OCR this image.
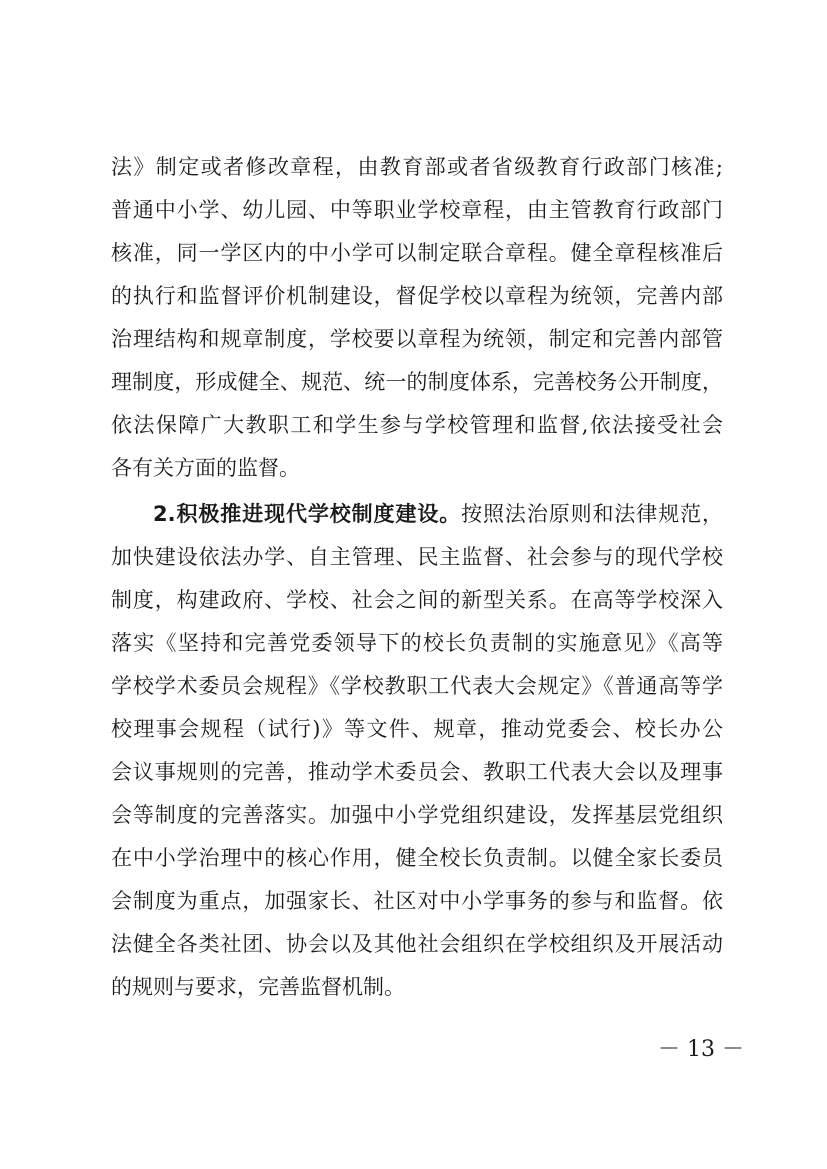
法》制定或者修改章程，由教育部或者省级教育行政部门核准;
普通中小学、幼儿园、中等职业学校章程，由主管教育行政部门
核准，同一学区内的中小学可以制定联合章程。健全章程核准后
的执行和监督评价机制建设，督促学校以章程为统领，完善内部
治理结构和规章制度，学校要以章程为统领，制定和完善内部管
理制度，形成健全、规范、统一的制度体系，完善校务公开制度，
依法保障广大教职工和学生参与学校管理和监督,依法接受社会
各有关方面的监督。
2.积极推进现代学校制度建设。按照法治原则和法律规范，
加快建设依法办学、自主管理、民主监督、社会参与的现代学校
制度，构建政府、学校、社会之间的新型关系。在高等学校深入
落实《坚持和完善党委领导下的校长负责制的实施意见》《高等
学校学术委员会规程》《学校教职工代表大会规定》《普通高等学
校理事会规程（试行)》等文件、规章，推动党委会、校长办公
会议事规则的完善，推动学术委员会、教职工代表大会以及理事
会等制度的完善落实。加强中小学党组织建设，发挥基层党组织
在中小学治理中的核心作用，健全校长负责制。以健全家长委员
会制度为重点，加强家长、社区对中小学事务的参与和监督。依
法健全各类社团、协会以及其他社会组织在学校组织及开展活动
的规则与要求，完善监督机制。
－ 13 －
